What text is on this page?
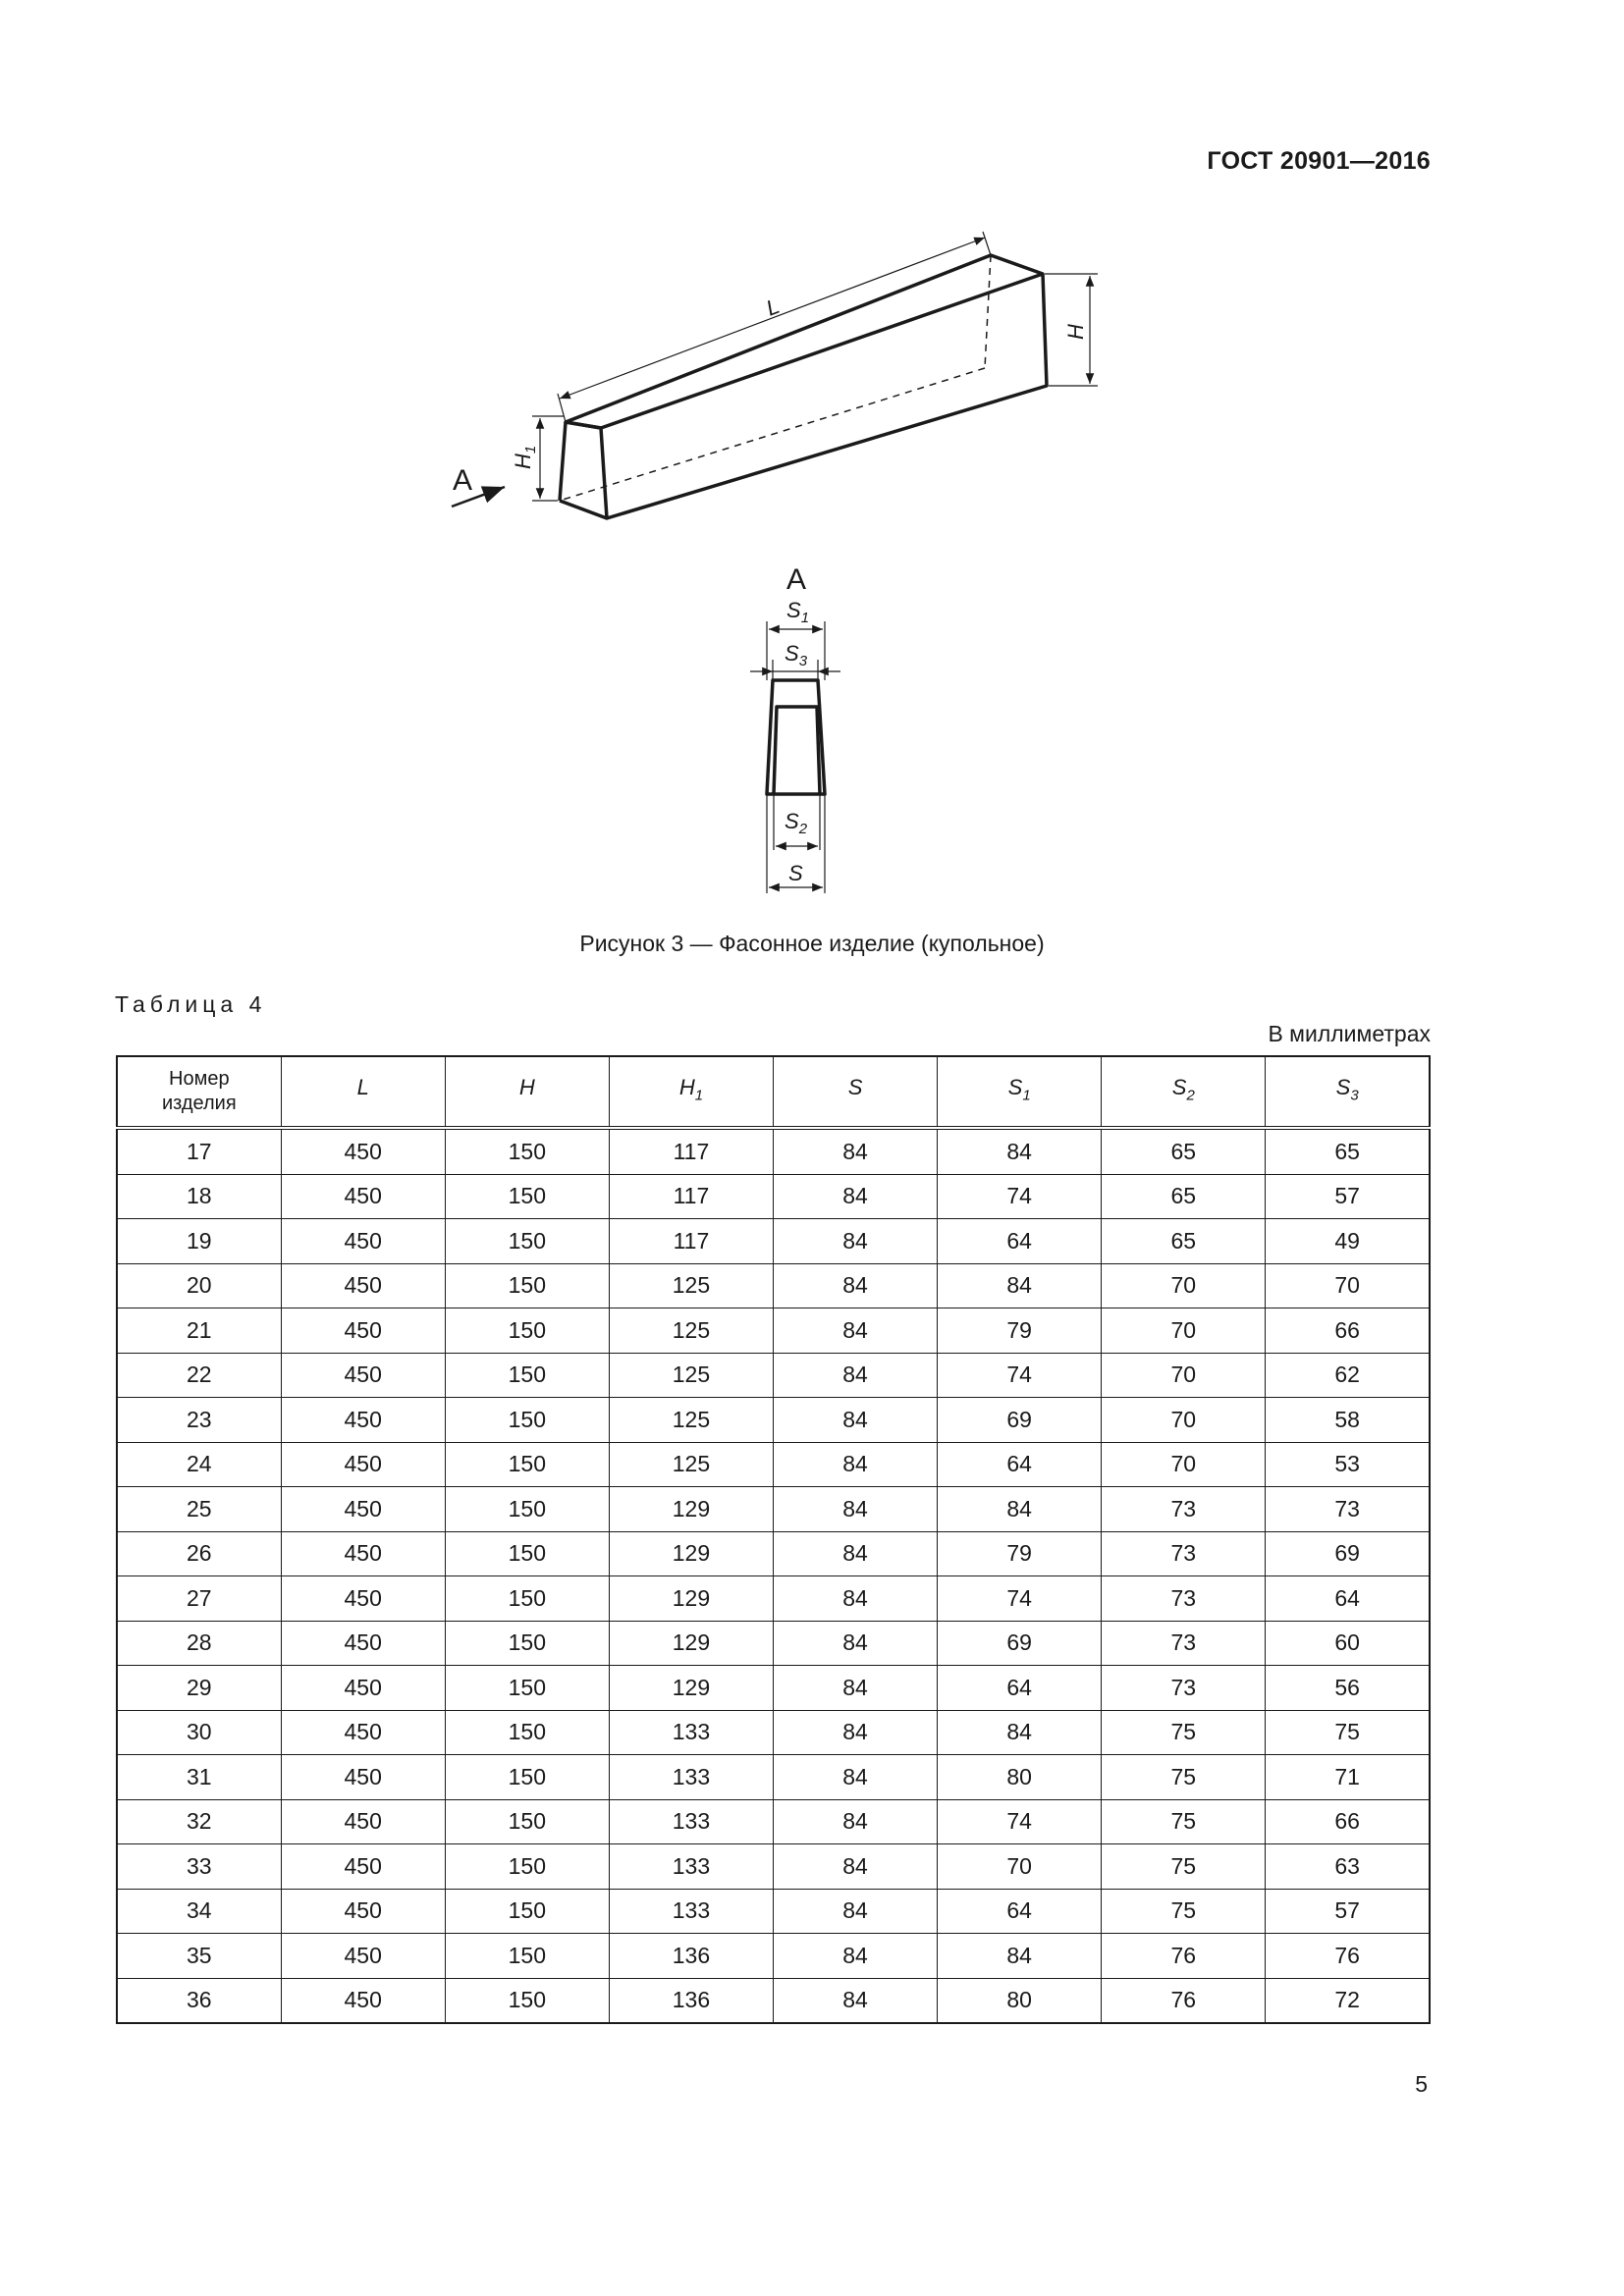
ГОСТ 20901—2016
L
H
$H_1$
А
А
$S_1$
$S_3$
$S_2$
S
Рисунок 3 — Фасонное изделие (купольное)
Таблица 4
В миллиметрах
Номер изделия	L	H	$H_1$	S	$S_1$	$S_2$	$S_3$
17	450	150	117	84	84	65	65
18	450	150	117	84	74	65	57
19	450	150	117	84	64	65	49
20	450	150	125	84	84	70	70
21	450	150	125	84	79	70	66
22	450	150	125	84	74	70	62
23	450	150	125	84	69	70	58
24	450	150	125	84	64	70	53
25	450	150	129	84	84	73	73
26	450	150	129	84	79	73	69
27	450	150	129	84	74	73	64
28	450	150	129	84	69	73	60
29	450	150	129	84	64	73	56
30	450	150	133	84	84	75	75
31	450	150	133	84	80	75	71
32	450	150	133	84	74	75	66
33	450	150	133	84	70	75	63
34	450	150	133	84	64	75	57
35	450	150	136	84	84	76	76
36	450	150	136	84	80	76	72
5
